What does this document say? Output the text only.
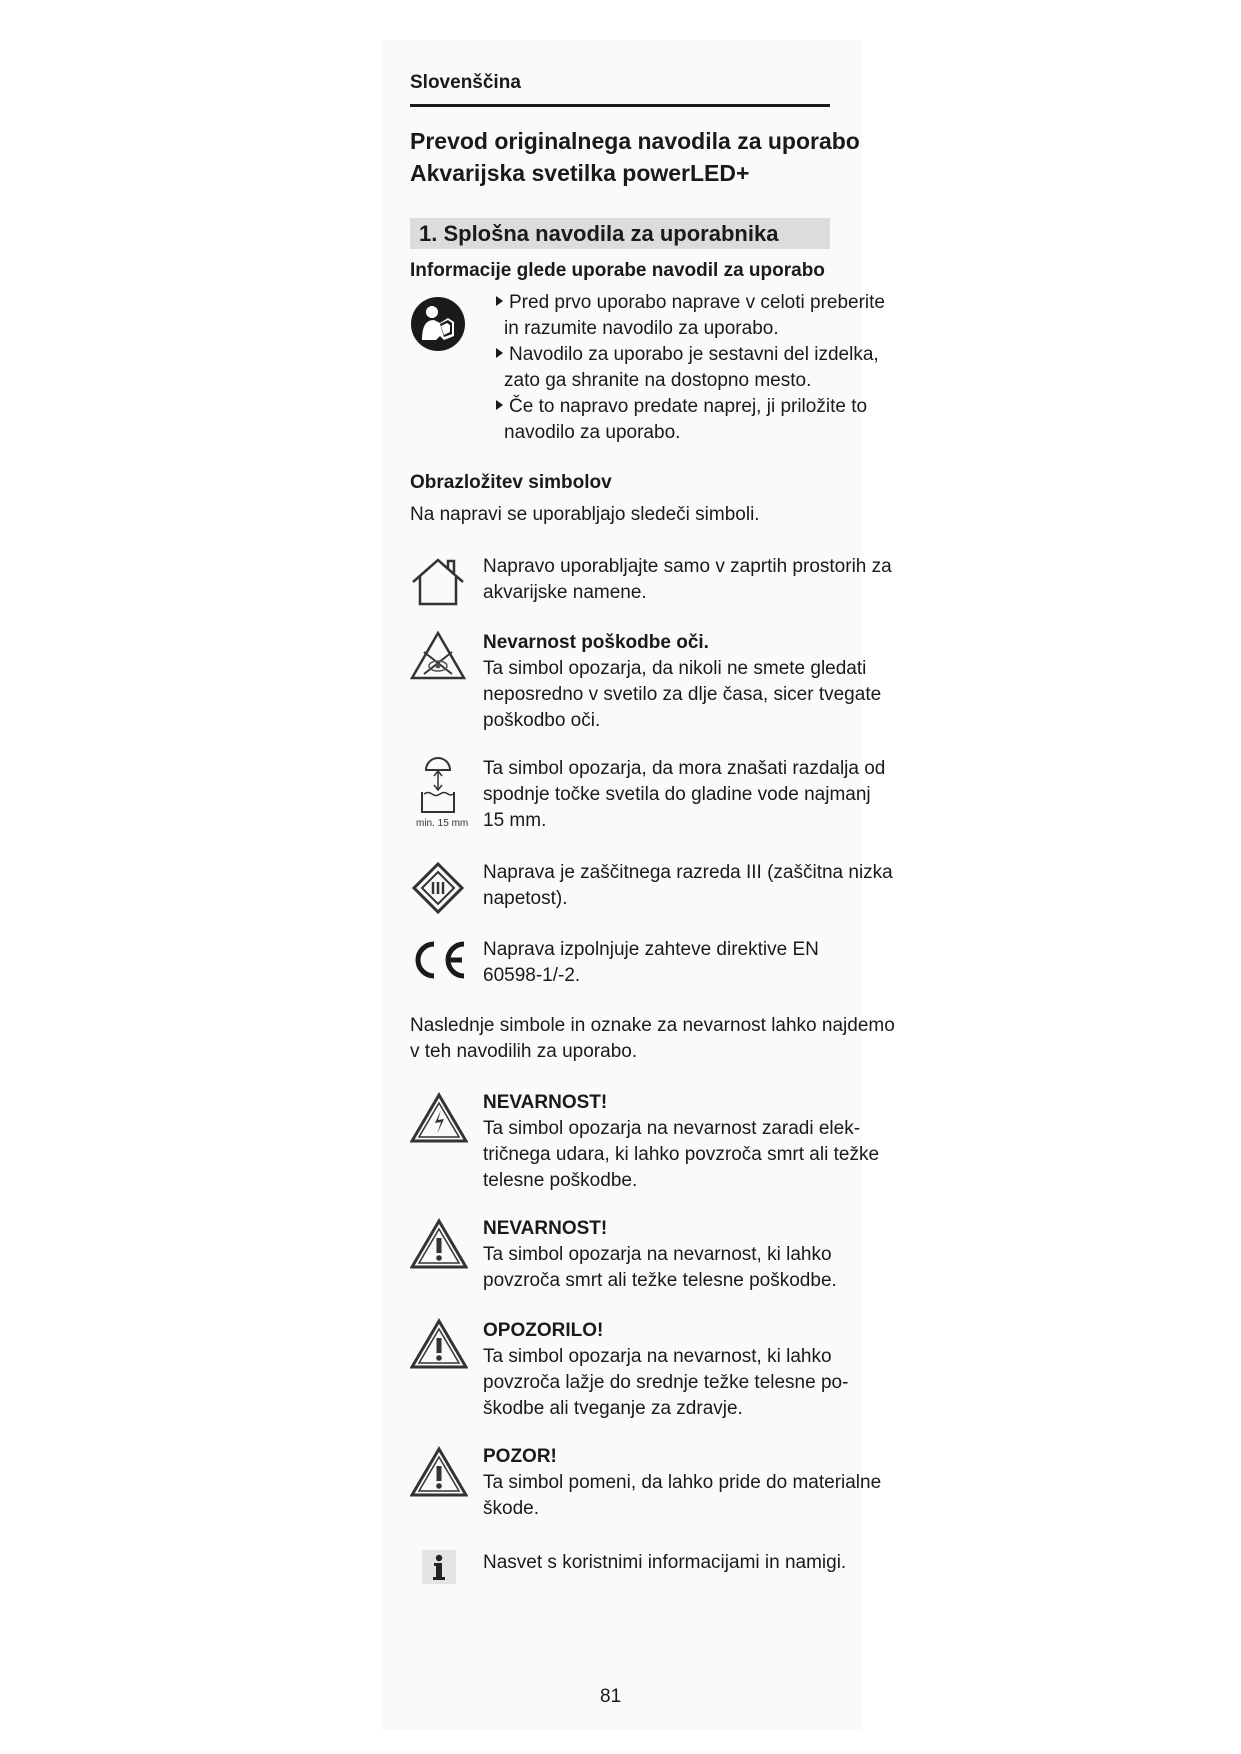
Slovenščina
Prevod originalnega navodila za uporabo
Akvarijska svetilka powerLED+
1. Splošna navodila za uporabnika
Informacije glede uporabe navodil za uporabo
Pred prvo uporabo naprave v celoti preberite
in razumite navodilo za uporabo.
Navodilo za uporabo je sestavni del izdelka,
zato ga shranite na dostopno mesto.
Če to napravo predate naprej, ji priložite to
navodilo za uporabo.
Obrazložitev simbolov
Na napravi se uporabljajo sledeči simboli.
Napravo uporabljajte samo v zaprtih prostorih za
akvarijske namene.
Nevarnost poškodbe oči.
Ta simbol opozarja, da nikoli ne smete gledati
neposredno v svetilo za dlje časa, sicer tvegate
poškodbo oči.
min. 15 mm
Ta simbol opozarja, da mora znašati razdalja od
spodnje točke svetila do gladine vode najmanj
15 mm.
Naprava je zaščitnega razreda III (zaščitna nizka
napetost).
Naprava izpolnjuje zahteve direktive EN
60598-1/-2.
Naslednje simbole in oznake za nevarnost lahko najdemo
v teh navodilih za uporabo.
NEVARNOST!
Ta simbol opozarja na nevarnost zaradi elek-
tričnega udara, ki lahko povzroča smrt ali težke
telesne poškodbe.
NEVARNOST!
Ta simbol opozarja na nevarnost, ki lahko
povzroča smrt ali težke telesne poškodbe.
OPOZORILO!
Ta simbol opozarja na nevarnost, ki lahko
povzroča lažje do srednje težke telesne po-
škodbe ali tveganje za zdravje.
POZOR!
Ta simbol pomeni, da lahko pride do materialne
škode.
Nasvet s koristnimi informacijami in namigi.
81
